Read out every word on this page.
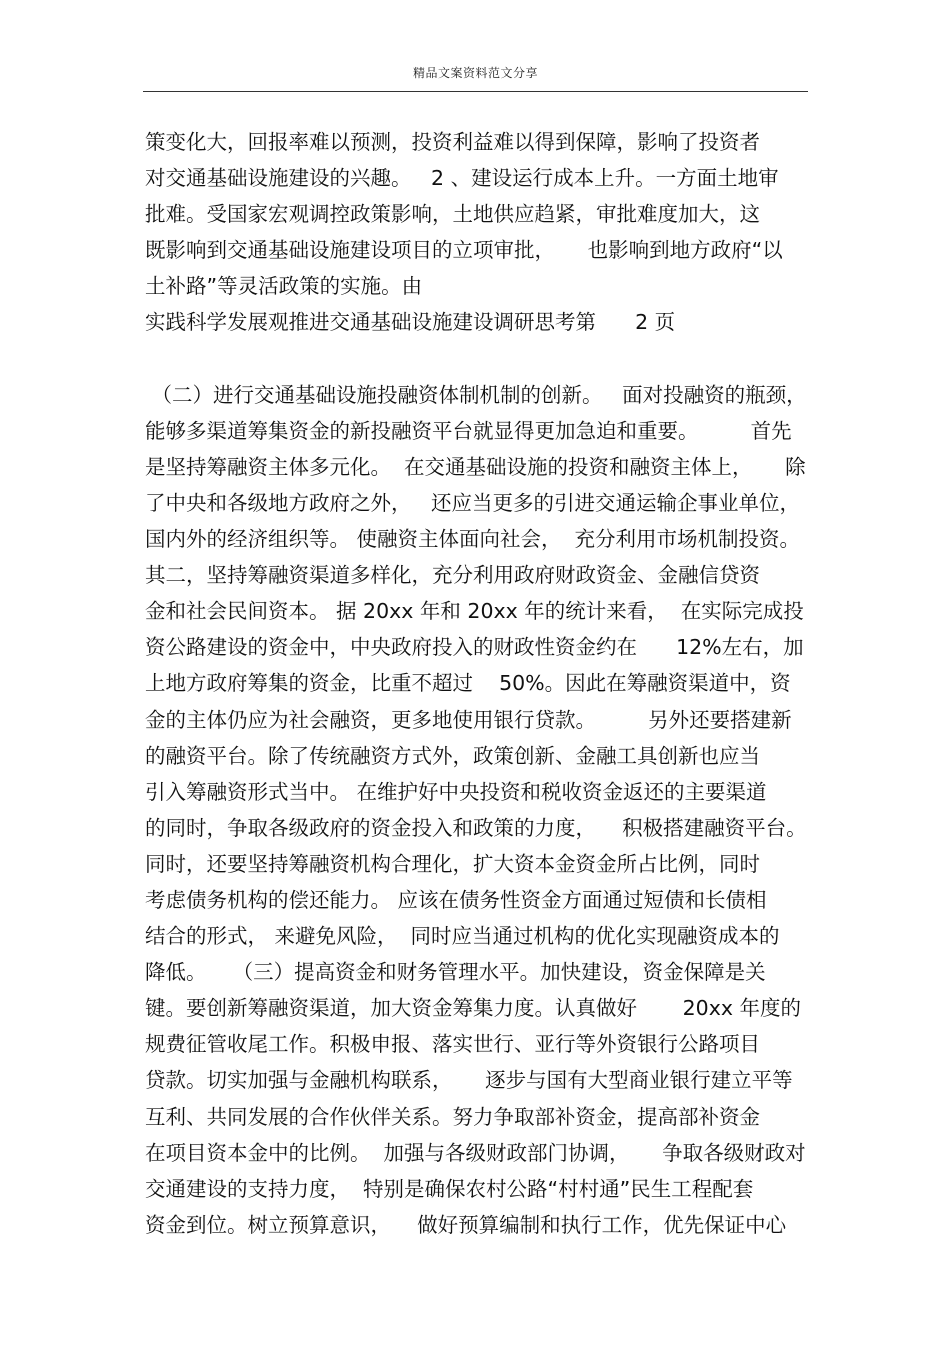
精品文案资料范文分享
策变化大，回报率难以预测，投资利益难以得到保障，影响了投资者
对交通基础设施建设的兴趣。   2 、建设运行成本上升。一方面土地审
批难。受国家宏观调控政策影响，土地供应趋紧，审批难度加大，这
既影响到交通基础设施建设项目的立项审批，     也影响到地方政府“以
土补路”等灵活政策的实施。由
实践科学发展观推进交通基础设施建设调研思考第      2 页
（二）进行交通基础设施投融资体制机制的创新。   面对投融资的瓶颈，
能够多渠道筹集资金的新投融资平台就显得更加急迫和重要。        首先
是坚持筹融资主体多元化。  在交通基础设施的投资和融资主体上，     除
了中央和各级地方政府之外，   还应当更多的引进交通运输企事业单位，
国内外的经济组织等。 使融资主体面向社会，  充分利用市场机制投资。
其二，坚持筹融资渠道多样化，充分利用政府财政资金、金融信贷资
金和社会民间资本。 据 20xx 年和 20xx 年的统计来看，  在实际完成投
资公路建设的资金中，中央政府投入的财政性资金约在      12%左右，加
上地方政府筹集的资金，比重不超过    50%。因此在筹融资渠道中，资
金的主体仍应为社会融资，更多地使用银行贷款。        另外还要搭建新
的融资平台。除了传统融资方式外，政策创新、金融工具创新也应当
引入筹融资形式当中。 在维护好中央投资和税收资金返还的主要渠道
的同时，争取各级政府的资金投入和政策的力度，    积极搭建融资平台。
同时，还要坚持筹融资机构合理化，扩大资本金资金所占比例，同时
考虑债务机构的偿还能力。 应该在债务性资金方面通过短债和长债相
结合的形式， 来避免风险，  同时应当通过机构的优化实现融资成本的
降低。    （三）提高资金和财务管理水平。加快建设，资金保障是关
键。要创新筹融资渠道，加大资金筹集力度。认真做好       20xx 年度的
规费征管收尾工作。积极申报、落实世行、亚行等外资银行公路项目
贷款。切实加强与金融机构联系，     逐步与国有大型商业银行建立平等
互利、共同发展的合作伙伴关系。努力争取部补资金，提高部补资金
在项目资本金中的比例。  加强与各级财政部门协调，     争取各级财政对
交通建设的支持力度，  特别是确保农村公路“村村通”民生工程配套
资金到位。树立预算意识，    做好预算编制和执行工作，优先保证中心
